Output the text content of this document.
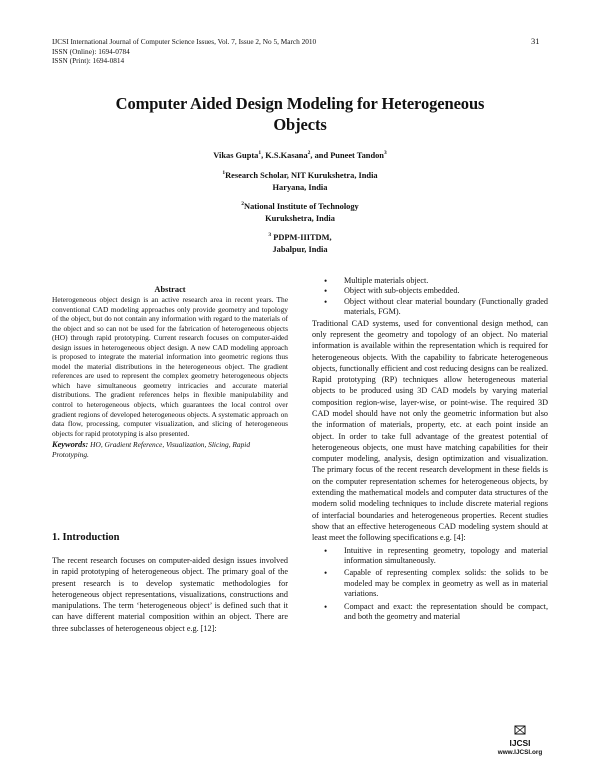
IJCSI International Journal of Computer Science Issues, Vol. 7, Issue 2, No 5, March 2010
ISSN (Online): 1694-0784
ISSN (Print): 1694-0814
31
Computer Aided Design Modeling for Heterogeneous
Objects
Vikas Gupta$^1$, K.S.Kasana$^2$, and Puneet Tandon$^3$
$^1$Research Scholar, NIT Kurukshetra, India
Haryana, India
$^2$National Institute of Technology
Kurukshetra, India
$^3$ PDPM-IIITDM,
Jabalpur, India
Abstract
Heterogeneous object design is an active research area in recent years. The conventional CAD modeling approaches only provide geometry and topology of the object, but do not contain any information with regard to the materials of the object and so can not be used for the fabrication of heterogeneous objects (HO) through rapid prototyping. Current research focuses on computer-aided design issues in heterogeneous object design. A new CAD modeling approach is proposed to integrate the material information into geometric regions thus model the material distributions in the heterogeneous object. The gradient references are used to represent the complex geometry heterogeneous objects which have simultaneous geometry intricacies and accurate material distributions. The gradient references helps in flexible manipulability and control to heterogeneous objects, which guarantees the local control over gradient regions of developed heterogeneous objects. A systematic approach on data flow, processing, computer visualization, and slicing of heterogeneous objects for rapid prototyping is also presented.
Keywords: HO, Gradient Reference, Visualization, Slicing, Rapid Prototyping.
1. Introduction
The recent research focuses on computer-aided design issues involved in rapid prototyping of heterogeneous object. The primary goal of the present research is to develop systematic methodologies for heterogeneous object representations, visualizations, constructions and manipulations. The term ‘heterogeneous object’ is defined such that it can have different material composition within an object. There are three subclasses of heterogeneous object e.g. [12]:
• Multiple materials object.
• Object with sub-objects embedded.
• Object without clear material boundary (Functionally graded materials, FGM).
Traditional CAD systems, used for conventional design method, can only represent the geometry and topology of an object. No material information is available within the representation which is required for heterogeneous objects. With the capability to fabricate heterogeneous objects, functionally efficient and cost reducing designs can be realized. Rapid prototyping (RP) techniques allow heterogeneous material objects to be produced using 3D CAD models by varying material composition region-wise, layer-wise, or point-wise. The required 3D CAD model should have not only the geometric information but also the information of materials, property, etc. at each point inside an object. In order to take full advantage of the greatest potential of heterogeneous objects, one must have matching capabilities for their computer modeling, analysis, design optimization and visualization. The primary focus of the recent research development in these fields is on the computer representation schemes for heterogeneous objects, by extending the mathematical models and computer data structures of the modern solid modeling techniques to include discrete material regions of interfacial boundaries and heterogeneous properties. Recent studies show that an effective heterogeneous CAD modeling system should at least meet the following specifications e.g. [4]:
• Intuitive in representing geometry, topology and material information simultaneously.
• Capable of representing complex solids: the solids to be modeled may be complex in geometry as well as in material variations.
• Compact and exact: the representation should be compact, and both the geometry and material
IJCSI
www.IJCSI.org
